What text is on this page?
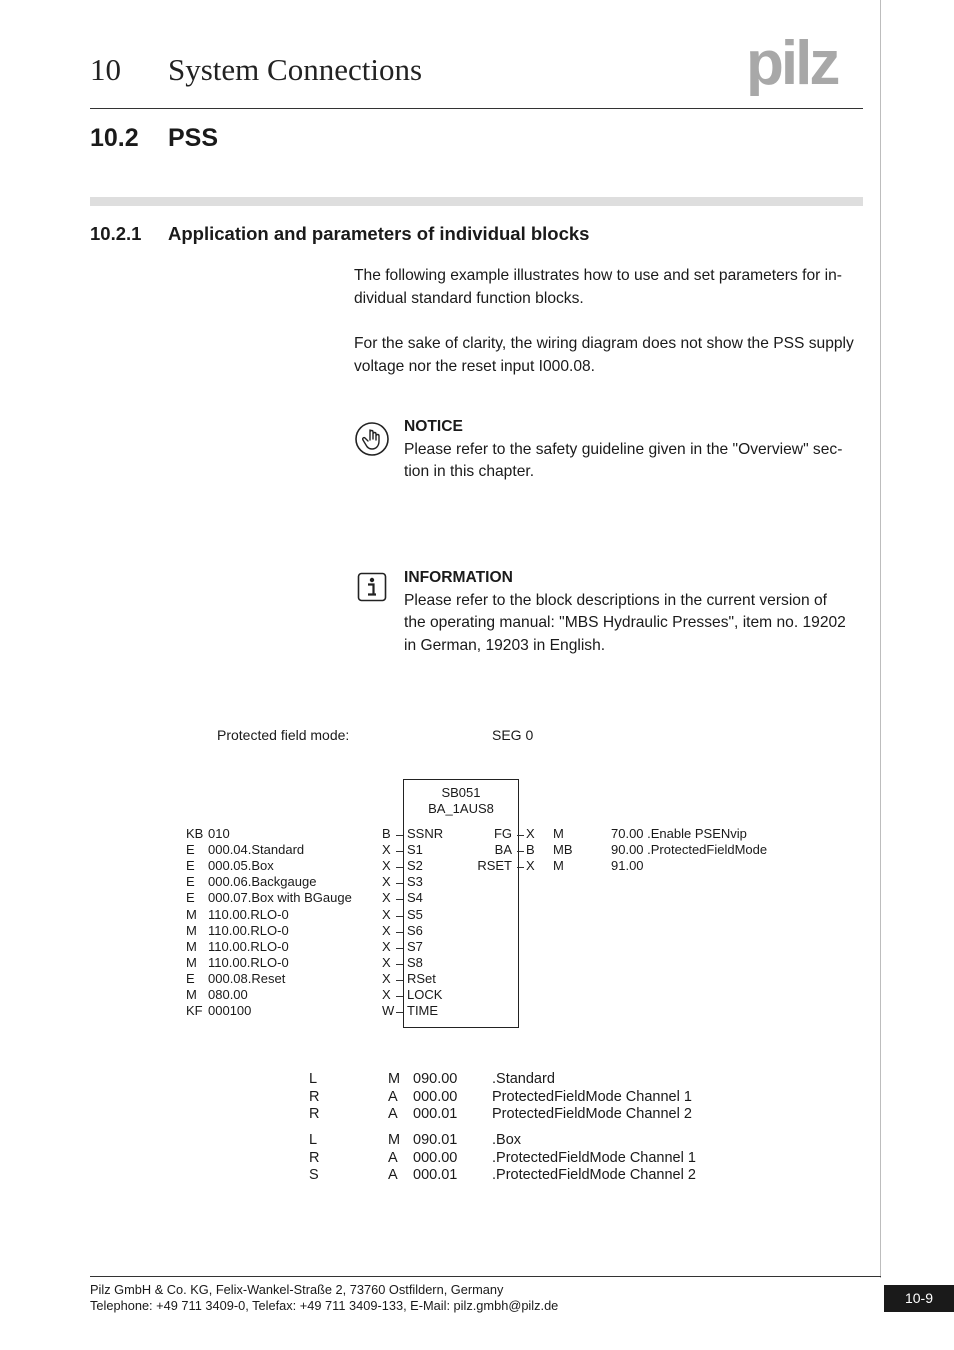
10 System Connections	pilz
10.2 PSS
10.2.1 Application and parameters of individual blocks
The following example illustrates how to use and set parameters for in-
dividual standard function blocks.
For the sake of clarity, the wiring diagram does not show the PSS supply
voltage nor the reset input I000.08.
NOTICE
Please refer to the safety guideline given in the "Overview" sec-
tion in this chapter.
INFORMATION
Please refer to the block descriptions in the current version of
the operating manual: "MBS Hydraulic Presses", item no. 19202
in German, 19203 in English.
Protected field mode:	SEG 0
SB051
BA_1AUS8
KB 010	B SSNR
E 000.04.Standard	X S1
E 000.05.Box	X S2
E 000.06.Backgauge	X S3
E 000.07.Box with BGauge X S4
M 110.00.RLO-0	X S5
M 110.00.RLO-0	X S6
M 110.00.RLO-0	X S7
M 110.00.RLO-0	X S8
E 000.08.Reset	X RSet
M 080.00	X LOCK
KF 000100	W TIME
FG X M	70.00 .Enable PSENvip
BA B MB	90.00 .ProtectedFieldMode
RSET X M	91.00
L	M 090.00 .Standard
R	A 000.00 ProtectedFieldMode Channel 1
R	A 000.01 ProtectedFieldMode Channel 2
L	M 090.01 .Box
R	A 000.00 .ProtectedFieldMode Channel 1
S	A 000.01 .ProtectedFieldMode Channel 2
Pilz GmbH & Co. KG, Felix-Wankel-Straße 2, 73760 Ostfildern, Germany
Telephone: +49 711 3409-0, Telefax: +49 711 3409-133, E-Mail: pilz.gmbh@pilz.de	10-9
